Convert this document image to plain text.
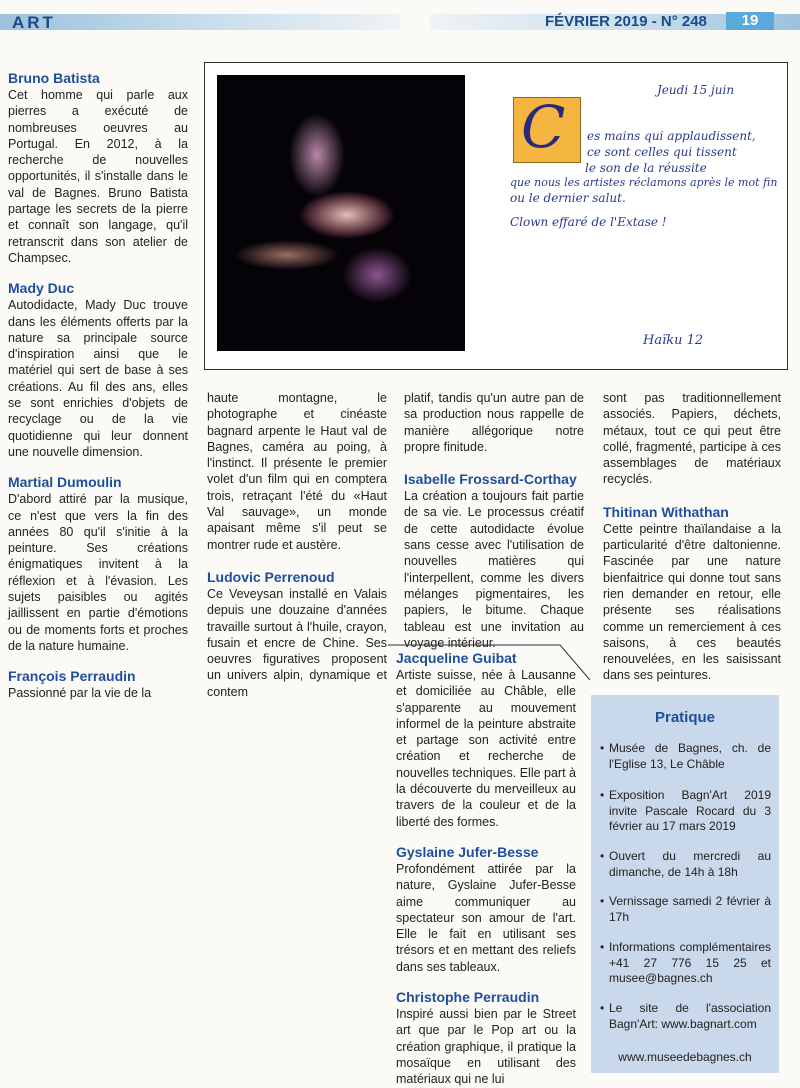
ART	FÉVRIER 2019 - N° 248	19
Jeudi 15 juin
C es mains qui applaudissent,
ce sont celles qui tissent
le son de la réussite
que nous les artistes réclamons après le mot fin
ou le dernier salut.
Clown effaré de l'Extase !
Haïku 12
Bruno Batista

Cet homme qui parle aux pierres a exécuté de nombreuses oeuvres au Portugal. En 2012, à la recherche de nouvelles opportunités, il s'installe dans le val de Bagnes. Bruno Batista partage les secrets de la pierre et connaît son langage, qu'il retranscrit dans son atelier de Champsec.

Mady Duc

Autodidacte, Mady Duc trouve dans les éléments offerts par la nature sa principale source d'inspiration ainsi que le matériel qui sert de base à ses créations. Au fil des ans, elles se sont enrichies d'objets de recyclage ou de la vie quotidienne qui leur donnent une nouvelle dimension.

Martial Dumoulin

D'abord attiré par la musique, ce n'est que vers la fin des années 80 qu'il s'initie à la peinture. Ses créations énigmatiques invitent à la réflexion et à l'évasion. Les sujets paisibles ou agités jaillissent en partie d'émotions ou de moments forts et proches de la nature humaine.

François Perraudin

Passionné par la vie de la

haute montagne, le photographe et cinéaste bagnard arpente le Haut val de Bagnes, caméra au poing, à l'instinct. Il présente le premier volet d'un film qui en comptera trois, retraçant l'été du «Haut Val sauvage», un monde apaisant même s'il peut se montrer rude et austère.

Ludovic Perrenoud

Ce Veveysan installé en Valais depuis une douzaine d'années travaille surtout à l'huile, crayon, fusain et encre de Chine. Ses oeuvres figuratives proposent un univers alpin, dynamique et contem

platif, tandis qu'un autre pan de sa production nous rappelle de manière allégorique notre propre finitude.

Isabelle Frossard-Corthay

La création a toujours fait partie de sa vie. Le processus créatif de cette autodidacte évolue sans cesse avec l'utilisation de nouvelles matières qui l'interpellent, comme les divers mélanges pigmentaires, les papiers, le bitume. Chaque tableau est une invitation au voyage intérieur.

Jacqueline Guibat

Artiste suisse, née à Lausanne et domiciliée au Châble, elle s'apparente au mouvement informel de la peinture abstraite et partage son activité entre création et recherche de nouvelles techniques. Elle part à la découverte du merveilleux au travers de la couleur et de la liberté des formes.

Gyslaine Jufer-Besse

Profondément attirée par la nature, Gyslaine Jufer-Besse aime communiquer au spectateur son amour de l'art. Elle le fait en utilisant ses trésors et en mettant des reliefs dans ses tableaux.

Christophe Perraudin

Inspiré aussi bien par le Street art que par le Pop art ou la création graphique, il pratique la mosaïque en utilisant des matériaux qui ne lui

sont pas traditionnellement associés. Papiers, déchets, métaux, tout ce qui peut être collé, fragmenté, participe à ces assemblages de matériaux recyclés.

Thitinan Withathan

Cette peintre thaïlandaise a la particularité d'être daltonienne. Fascinée par une nature bienfaitrice qui donne tout sans rien demander en retour, elle présente ses réalisations comme un remerciement à ces saisons, à ces beautés renouvelées, en les saisissant dans ses peintures.

Pratique
• Musée de Bagnes, ch. de l'Eglise 13, Le Châble
• Exposition Bagn'Art 2019 invite Pascale Rocard du 3 février au 17 mars 2019
• Ouvert du mercredi au dimanche, de 14h à 18h
• Vernissage samedi 2 février à 17h
• Informations complémentaires +41 27 776 15 25 et musee@bagnes.ch
• Le site de l'association Bagn'Art: www.bagnart.com
www.museedebagnes.ch
